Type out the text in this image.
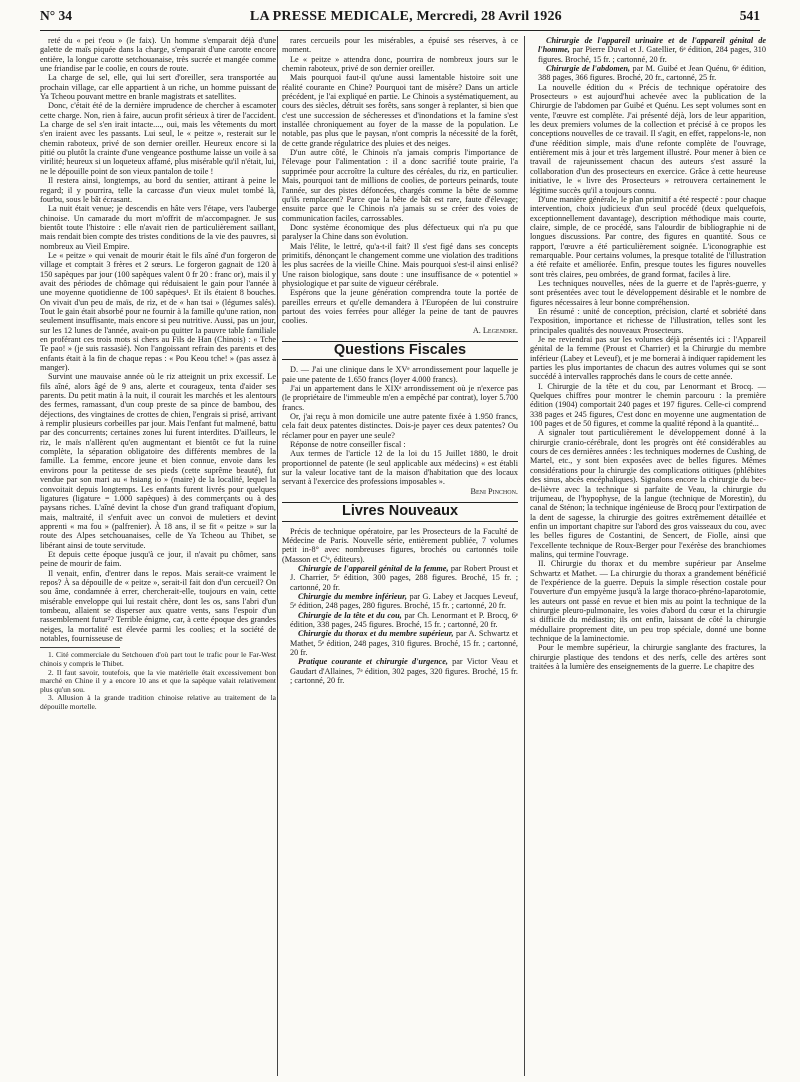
N° 34	LA PRESSE MEDICALE, Mercredi, 28 Avril 1926	541

reté du « pei t'eou » (le faix). Un homme s'emparait déjà d'une galette de maïs piquée dans la charge, s'emparait d'une carotte encore entière, la longue carotte setchouanaise, très sucrée et mangée comme une friandise par le coolie, en cours de route.

La charge de sel, elle, qui lui sert d'oreiller, sera transportée au prochain village, car elle appartient à un riche, un homme puissant de Ya Tcheou pouvant mettre en branle magistrats et satellites.

Donc, c'était été de la dernière imprudence de chercher à escamoter cette charge. Non, rien à faire, aucun profit sérieux à tirer de l'accident. La charge de sel s'en irait intacte...., oui, mais les vêtements du mort s'en iraient avec les passants. Lui seul, le « peitze », resterait sur le chemin raboteux, privé de son dernier oreiller. Heureux encore si la pitié ou plutôt la crainte d'une vengeance posthume laisse un voile à sa virilité; heureux si un loqueteux affamé, plus misérable qu'il n'était, lui, ne le dépouille point de son vieux pantalon de toile !

Il restera ainsi, longtemps, au bord du sentier, attirant à peine le regard; il y pourrira, telle la carcasse d'un vieux mulet tombé là, fourbu, sous le bât écrasant.

La nuit était venue; je descendis en hâte vers l'étape, vers l'auberge chinoise. Un camarade du mort m'offrit de m'accompagner. Je sus bientôt toute l'histoire : elle n'avait rien de particulièrement saillant, mais rendait bien compte des tristes conditions de la vie des pauvres, si nombreux au Vieil Empire.

Le « peitze » qui venait de mourir était le fils aîné d'un forgeron de village et comptait 3 frères et 2 sœurs. Le forgeron gagnait de 120 à 150 sapèques par jour (100 sapèques valent 0 fr 20 : franc or), mais il y avait des périodes de chômage qui réduisaient le gain pour l'année à une moyenne quotidienne de 100 sapèques¹. Et ils étaient 8 bouches. On vivait d'un peu de maïs, de riz, et de « han tsai » (légumes salés). Tout le gain était absorbé pour ne fournir à la famille qu'une ration, non seulement insuffisante, mais encore si peu nutritive. Aussi, pas un jour, sur les 12 lunes de l'année, avait-on pu quitter la pauvre table familiale en proférant ces trois mots si chers au Fils de Han (Chinois) : « Tche Te pao! » (je suis rassasié). Non l'angoissant refrain des parents et des enfants était à la fin de chaque repas : « Pou Keou tche! » (pas assez à manger).

Survint une mauvaise année où le riz atteignit un prix excessif. Le fils aîné, alors âgé de 9 ans, alerte et courageux, tenta d'aider ses parents. Du petit matin à la nuit, il courait les marchés et les alentours des fermes, ramassant, d'un coup preste de sa pince de bambou, des déjections, des vingtaines de crottes de chien, l'engrais si prisé, arrivant à remplir plusieurs corbeilles par jour. Mais l'enfant fut malmené, battu par des concurrents; certaines zones lui furent interdites. D'ailleurs, le riz, le maïs n'allèrent qu'en augmentant et bientôt ce fut la ruine complète, la séparation obligatoire des différents membres de la famille. La femme, encore jeune et bien connue, envoie dans les environs pour la petitesse de ses pieds (cette suprême beauté), fut vendue par son mari au « hsiang io » (maire) de la localité, lequel la convoitait depuis longtemps. Les enfants furent livrés pour quelques ligatures (ligature = 1.000 sapèques) à des commerçants ou à des paysans riches. L'aîné devint la chose d'un grand trafiquant d'opium, mais, maltraité, il s'enfuit avec un convoi de muletiers et devint apprenti « ma fou » (palfrenier). À 18 ans, il se fit « peitze » sur la route des Alpes setchouanaises, celle de Ya Tcheou au Thibet, se libérant ainsi de toute servitude.

Et depuis cette époque jusqu'à ce jour, il n'avait pu chômer, sans peine de mourir de faim.

Il venait, enfin, d'entrer dans le repos. Mais serait-ce vraiment le repos? À sa dépouille de « peitze », serait-il fait don d'un cercueil? On sou âme, condamnée à errer, chercherait-elle, toujours en vain, cette misérable enveloppe qui lui restait chère, dont les os, sans l'abri d'un tombeau, allaient se disperser aux quatre vents, sans l'espoir d'un rassemblement futur²? Terrible énigme, car, à cette époque des grandes neiges, la mortalité est élevée parmi les coolies; et la société de notables, fournisseuse de

1. Cité commerciale du Setchouen d'où part tout le trafic pour le Far-West chinois y compris le Thibet.

2. Il faut savoir, toutefois, que la vie matérielle était excessivement bon marché en Chine il y a encore 10 ans et que la sapèque valait relativement plus qu'un sou.

3. Allusion à la grande tradition chinoise relative au traitement de la dépouille mortelle.

rares cercueils pour les misérables, a épuisé ses réserves, à ce moment.

Le « peitze » attendra donc, pourrira de nombreux jours sur le chemin raboteux, privé de son dernier oreiller.

Mais pourquoi faut-il qu'une aussi lamentable histoire soit une réalité courante en Chine? Pourquoi tant de misère? Dans un article précédent, je l'ai expliqué en partie. Le Chinois a systématiquement, au cours des siècles, détruit ses forêts, sans songer à replanter, si bien que c'est une succession de sécheresses et d'inondations et la famine s'est installée chroniquement au foyer de la masse de la population. Le notable, pas plus que le paysan, n'ont compris la nécessité de la forêt, de cette grande régulatrice des pluies et des neiges.

D'un autre côté, le Chinois n'a jamais compris l'importance de l'élevage pour l'alimentation : il a donc sacrifié toute prairie, l'a supprimée pour accroître la culture des céréales, du riz, en particulier. Mais, pourquoi tant de millions de coolies, de porteurs peinards, toute l'année, sur des pistes défoncées, chargés comme la bête de somme qu'ils remplacent? Parce que la bête de bât est rare, faute d'élevage; ensuite parce que le Chinois n'a jamais su se créer des voies de communication faciles, carrossables.

Donc système économique des plus défectueux qui n'a pu que paralyser la Chine dans son évolution.

Mais l'élite, le lettré, qu'a-t-il fait? Il s'est figé dans ses concepts primitifs, dénonçant le changement comme une violation des traditions les plus sacrées de la vieille Chine. Mais pourquoi s'est-il ainsi enlisé? Une raison biologique, sans doute : une insuffisance de « potentiel » physiologique et par suite de vigueur cérébrale.

Espérons que la jeune génération comprendra toute la portée de pareilles erreurs et qu'elle demandera à l'Européen de lui construire partout des voies ferrées pour alléger la peine de tant de pauvres coolies.

A. Legendre.

Questions Fiscales

D. — J'ai une clinique dans le XVᵉ arrondissement pour laquelle je paie une patente de 1.650 francs (loyer 4.000 francs).

J'ai un appartement dans le XIXᵉ arrondissement où je n'exerce pas (le propriétaire de l'immeuble m'en a empêché par contrat), loyer 5.700 francs.

Or, j'ai reçu à mon domicile une autre patente fixée à 1.950 francs, cela fait deux patentes distinctes. Dois-je payer ces deux patentes? Ou réclamer pour en payer une seule?

Réponse de notre conseiller fiscal :

Aux termes de l'article 12 de la loi du 15 Juillet 1880, le droit proportionnel de patente (le seul applicable aux médecins) « est établi sur la valeur locative tant de la maison d'habitation que des locaux servant à l'exercice des professions imposables ».

Beni Pinchon.

Livres Nouveaux

Précis de technique opératoire, par les Prosecteurs de la Faculté de Médecine de Paris. Nouvelle série, entièrement publiée, 7 volumes petit in-8° avec nombreuses figures, brochés ou cartonnés toile (Masson et Cⁱᵉ, éditeurs).

Chirurgie de l'appareil génital de la femme, par Robert Proust et J. Charrier, 5ᵉ édition, 300 pages, 288 figures. Broché, 15 fr. ; cartonné, 20 fr.

Chirurgie du membre inférieur, par G. Labey et Jacques Leveuf, 5ᵉ édition, 248 pages, 280 figures. Broché, 15 fr. ; cartonné, 20 fr.

Chirurgie de la tête et du cou, par Ch. Lenormant et P. Brocq, 6ᵉ édition, 338 pages, 245 figures. Broché, 15 fr. ; cartonné, 20 fr.

Chirurgie du thorax et du membre supérieur, par A. Schwartz et Mathet, 5ᵉ édition, 248 pages, 310 figures. Broché, 15 fr. ; cartonné, 20 fr.

Pratique courante et chirurgie d'urgence, par Victor Veau et Gaudart d'Allaines, 7ᵉ édition, 302 pages, 320 figures. Broché, 15 fr. ; cartonné, 20 fr.

Chirurgie de l'appareil urinaire et de l'appareil génital de l'homme, par Pierre Duval et J. Gatellier, 6ᵉ édition, 284 pages, 310 figures. Broché, 15 fr. ; cartonné, 20 fr.

Chirurgie de l'abdomen, par M. Guibé et Jean Quénu, 6ᵉ édition, 388 pages, 366 figures. Broché, 20 fr., cartonné, 25 fr.

La nouvelle édition du « Précis de technique opératoire des Prosecteurs » est aujourd'hui achevée avec la publication de la Chirurgie de l'abdomen par Guibé et Quénu. Les sept volumes sont en vente, l'œuvre est complète. J'ai présenté déjà, lors de leur apparition, les deux premiers volumes de la collection et précisé à ce propos les conceptions nouvelles de ce travail. Il s'agit, en effet, rappelons-le, non d'une réédition simple, mais d'une refonte complète de l'ouvrage, entièrement mis à jour et très largement illustré. Pour mener à bien ce travail de rajeunissement chacun des auteurs s'est assuré la collaboration d'un des prosecteurs en exercice. Grâce à cette heureuse initiative, le « livre des Prosecteurs » retrouvera certainement le légitime succès qu'il a toujours connu.

D'une manière générale, le plan primitif a été respecté : pour chaque intervention, choix judicieux d'un seul procédé (deux quelquefois, exceptionnellement davantage), description méthodique mais courte, claire, simple, de ce procédé, sans l'alourdir de bibliographie ni de longues discussions. Par contre, des figures en quantité. Sous ce rapport, l'œuvre a été particulièrement soignée. L'iconographie est remarquable. Pour certains volumes, la presque totalité de l'illustration a été refaite et améliorée. Enfin, presque toutes les figures nouvelles sont très claires, peu ombrées, de grand format, faciles à lire.

Les techniques nouvelles, nées de la guerre et de l'après-guerre, y sont présentées avec tout le développement désirable et le nombre de figures nécessaires à leur bonne compréhension.

En résumé : unité de conception, précision, clarté et sobriété dans l'exposition, importance et richesse de l'illustration, telles sont les principales qualités des nouveaux Prosecteurs.

Je ne reviendrai pas sur les volumes déjà présentés ici : l'Appareil génital de la femme (Proust et Charrier) et la Chirurgie du membre inférieur (Labey et Leveuf), et je me bornerai à indiquer rapidement les parties les plus importantes de chacun des autres volumes qui se sont succédé à intervalles rapprochés dans le cours de cette année.

I. Chirurgie de la tête et du cou, par Lenormant et Brocq. — Quelques chiffres pour montrer le chemin parcouru : la première édition (1904) comportait 240 pages et 197 figures. Celle-ci comprend 338 pages et 245 figures, C'est donc en moyenne une augmentation de 100 pages et de 50 figures, et comme la qualité répond à la quantité...

A signaler tout particulièrement le développement donné à la chirurgie cranio-cérébrale, dont les progrès ont été considérables au cours de ces dernières années : les techniques modernes de Cushing, de Martel, etc., y sont bien exposées avec de belles figures. Mêmes considérations pour la chirurgie des complications otitiques (phlébites des sinus, abcès encéphaliques). Signalons encore la chirurgie du bec-de-lièvre avec la technique si parfaite de Veau, la chirurgie du trijumeau, de l'hypophyse, de la langue (technique de Morestin), du canal de Sténon; la technique ingénieuse de Brocq pour l'extirpation de la dent de sagesse, la chirurgie des goitres extrêmement détaillée et enfin un important chapitre sur l'abord des gros vaisseaux du cou, avec les belles figures de Costantini, de Sencert, de Fiolle, ainsi que l'excellente technique de Roux-Berger pour l'exérèse des branchiomes malins, qui termine l'ouvrage.

II. Chirurgie du thorax et du membre supérieur par Anselme Schwartz et Mathet. — La chirurgie du thorax a grandement bénéficié de l'expérience de la guerre. Depuis la simple résection costale pour l'ouverture d'un empyème jusqu'à la large thoraco-phréno-laparotomie, les auteurs ont passé en revue et bien mis au point la technique de la chirurgie pleuro-pulmonaire, les voies d'abord du cœur et la chirurgie si difficile du médiastin; ils ont enfin, laissant de côté la chirurgie médullaire proprement dite, un peu trop spéciale, donné une bonne technique de la laminectomie.

Pour le membre supérieur, la chirurgie sanglante des fractures, la chirurgie plastique des tendons et des nerfs, celle des artères sont traitées à la lumière des enseignements de la guerre. Le chapitre des
